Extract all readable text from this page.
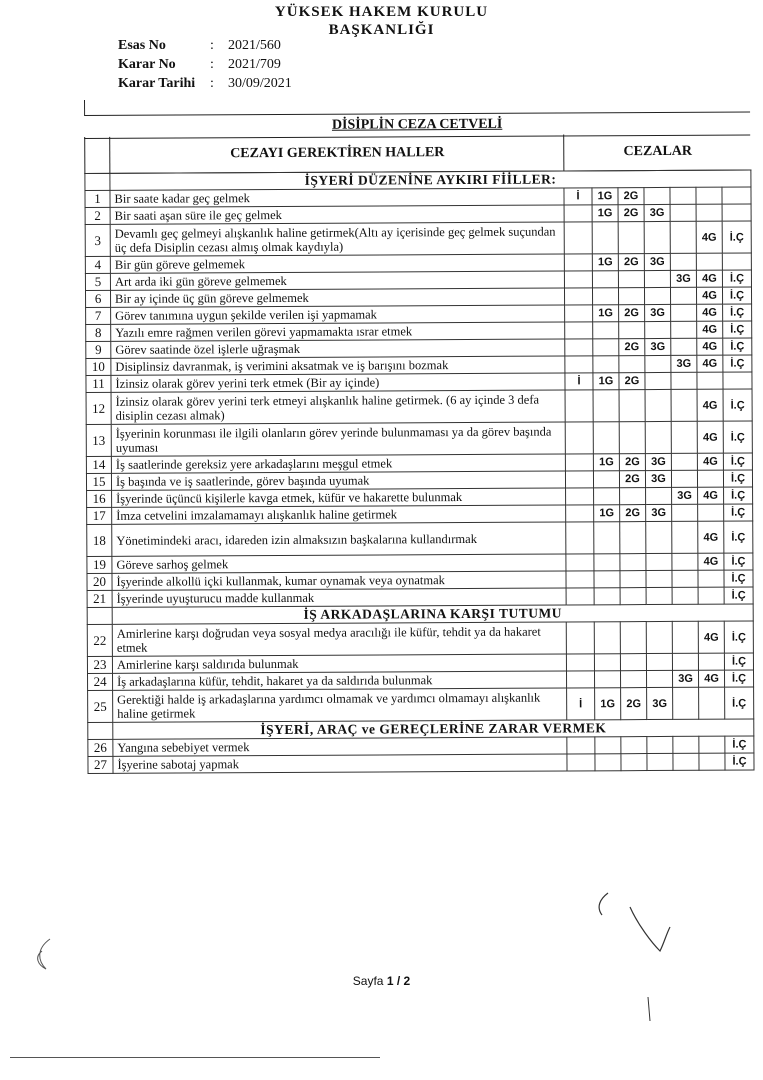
YÜKSEK HAKEM KURULU
BAŞKANLIĞI
Esas No	:	2021/560
Karar No	:	2021/709
Karar Tarihi	:	30/09/2021
DİSİPLİN CEZA CETVELİ
CEZAYI GEREKTİREN HALLER	CEZALAR
	İŞYERİ DÜZENİNE AYKIRI FİİLLER:							
1	Bir saate kadar geç gelmek	İ	1G	2G				
2	Bir saati aşan süre ile geç gelmek		1G	2G	3G			
3	Devamlı geç gelmeyi alışkanlık haline getirmek(Altı ay içerisinde geç gelmek suçundan üç defa Disiplin cezası almış olmak kaydıyla)						4G	İ.Ç
4	Bir gün göreve gelmemek		1G	2G	3G			
5	Art arda iki gün göreve gelmemek					3G	4G	İ.Ç
6	Bir ay içinde üç gün göreve gelmemek						4G	İ.Ç
7	Görev tanımına uygun şekilde verilen işi yapmamak		1G	2G	3G		4G	İ.Ç
8	Yazılı emre rağmen verilen görevi yapmamakta ısrar etmek						4G	İ.Ç
9	Görev saatinde özel işlerle uğraşmak			2G	3G		4G	İ.Ç
10	Disiplinsiz davranmak, iş verimini aksatmak ve iş barışını bozmak					3G	4G	İ.Ç
11	İzinsiz olarak görev yerini terk etmek (Bir ay içinde)	İ	1G	2G				
12	İzinsiz olarak görev yerini terk etmeyi alışkanlık haline getirmek. (6 ay içinde 3 defa disiplin cezası almak)						4G	İ.Ç
13	İşyerinin korunması ile ilgili olanların görev yerinde bulunmaması ya da görev başında uyuması						4G	İ.Ç
14	İş saatlerinde gereksiz yere arkadaşlarını meşgul etmek		1G	2G	3G		4G	İ.Ç
15	İş başında ve iş saatlerinde, görev başında uyumak			2G	3G			İ.Ç
16	İşyerinde üçüncü kişilerle kavga etmek, küfür ve hakarette bulunmak					3G	4G	İ.Ç
17	İmza cetvelini imzalamamayı alışkanlık haline getirmek		1G	2G	3G			İ.Ç
18	Yönetimindeki aracı, idareden izin almaksızın başkalarına kullandırmak						4G	İ.Ç
19	Göreve sarhoş gelmek						4G	İ.Ç
20	İşyerinde alkollü içki kullanmak, kumar oynamak veya oynatmak							İ.Ç
21	İşyerinde uyuşturucu madde kullanmak							İ.Ç
	İŞ ARKADAŞLARINA KARŞI TUTUMU							
22	Amirlerine karşı doğrudan veya sosyal medya aracılığı ile küfür, tehdit ya da hakaret etmek						4G	İ.Ç
23	Amirlerine karşı saldırıda bulunmak							İ.Ç
24	İş arkadaşlarına küfür, tehdit, hakaret ya da saldırıda bulunmak					3G	4G	İ.Ç
25	Gerektiği halde iş arkadaşlarına yardımcı olmamak ve yardımcı olmamayı alışkanlık haline getirmek	İ	1G	2G	3G			İ.Ç
	İŞYERİ, ARAÇ ve GEREÇLERİNE ZARAR VERMEK							
26	Yangına sebebiyet vermek							İ.Ç
27	İşyerine sabotaj yapmak							İ.Ç
Sayfa 1 / 2
